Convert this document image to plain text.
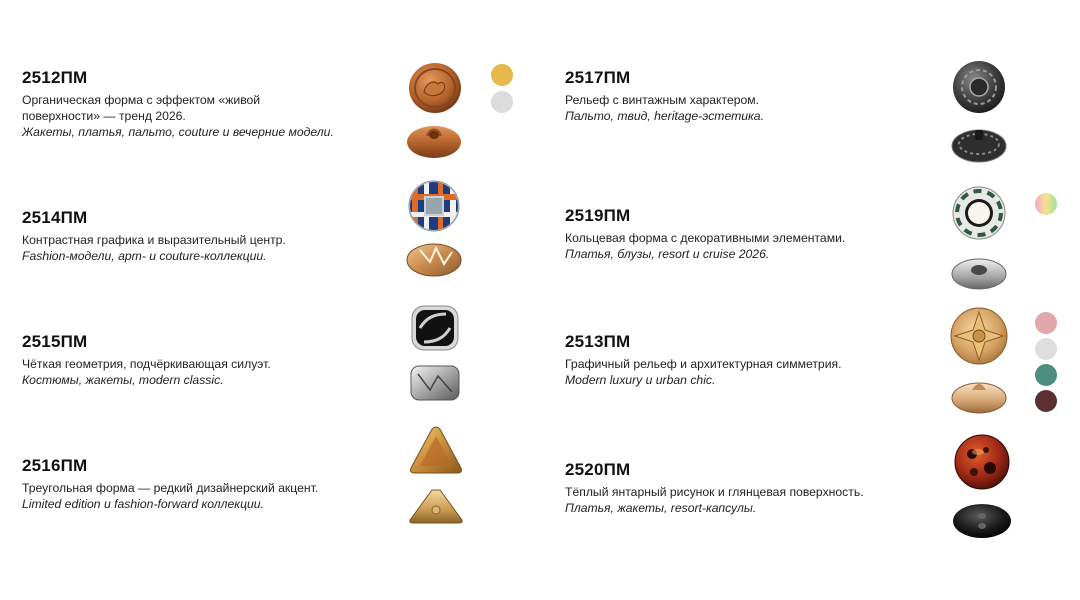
2512ПМ
Органическая форма с эффектом «живой поверхности» — тренд 2026.
Жакеты, платья, пальто, couture и вечерние модели.
2514ПМ
Контрастная графика и выразительный центр.
Fashion-модели, арт- и couture-коллекции.
2515ПМ
Чёткая геометрия, подчёркивающая силуэт.
Костюмы, жакеты, modern classic.
2516ПМ
Треугольная форма — редкий дизайнерский акцент.
Limited edition и fashion-forward коллекции.
2517ПМ
Рельеф с винтажным характером.
Пальто, твид, heritage-эстетика.
2519ПМ
Кольцевая форма с декоративными элементами.
Платья, блузы, resort и cruise 2026.
2513ПМ
Графичный рельеф и архитектурная симметрия.
Modern luxury и urban chic.
2520ПМ
Тёплый янтарный рисунок и глянцевая поверхность.
Платья, жакеты, resort-капсулы.
